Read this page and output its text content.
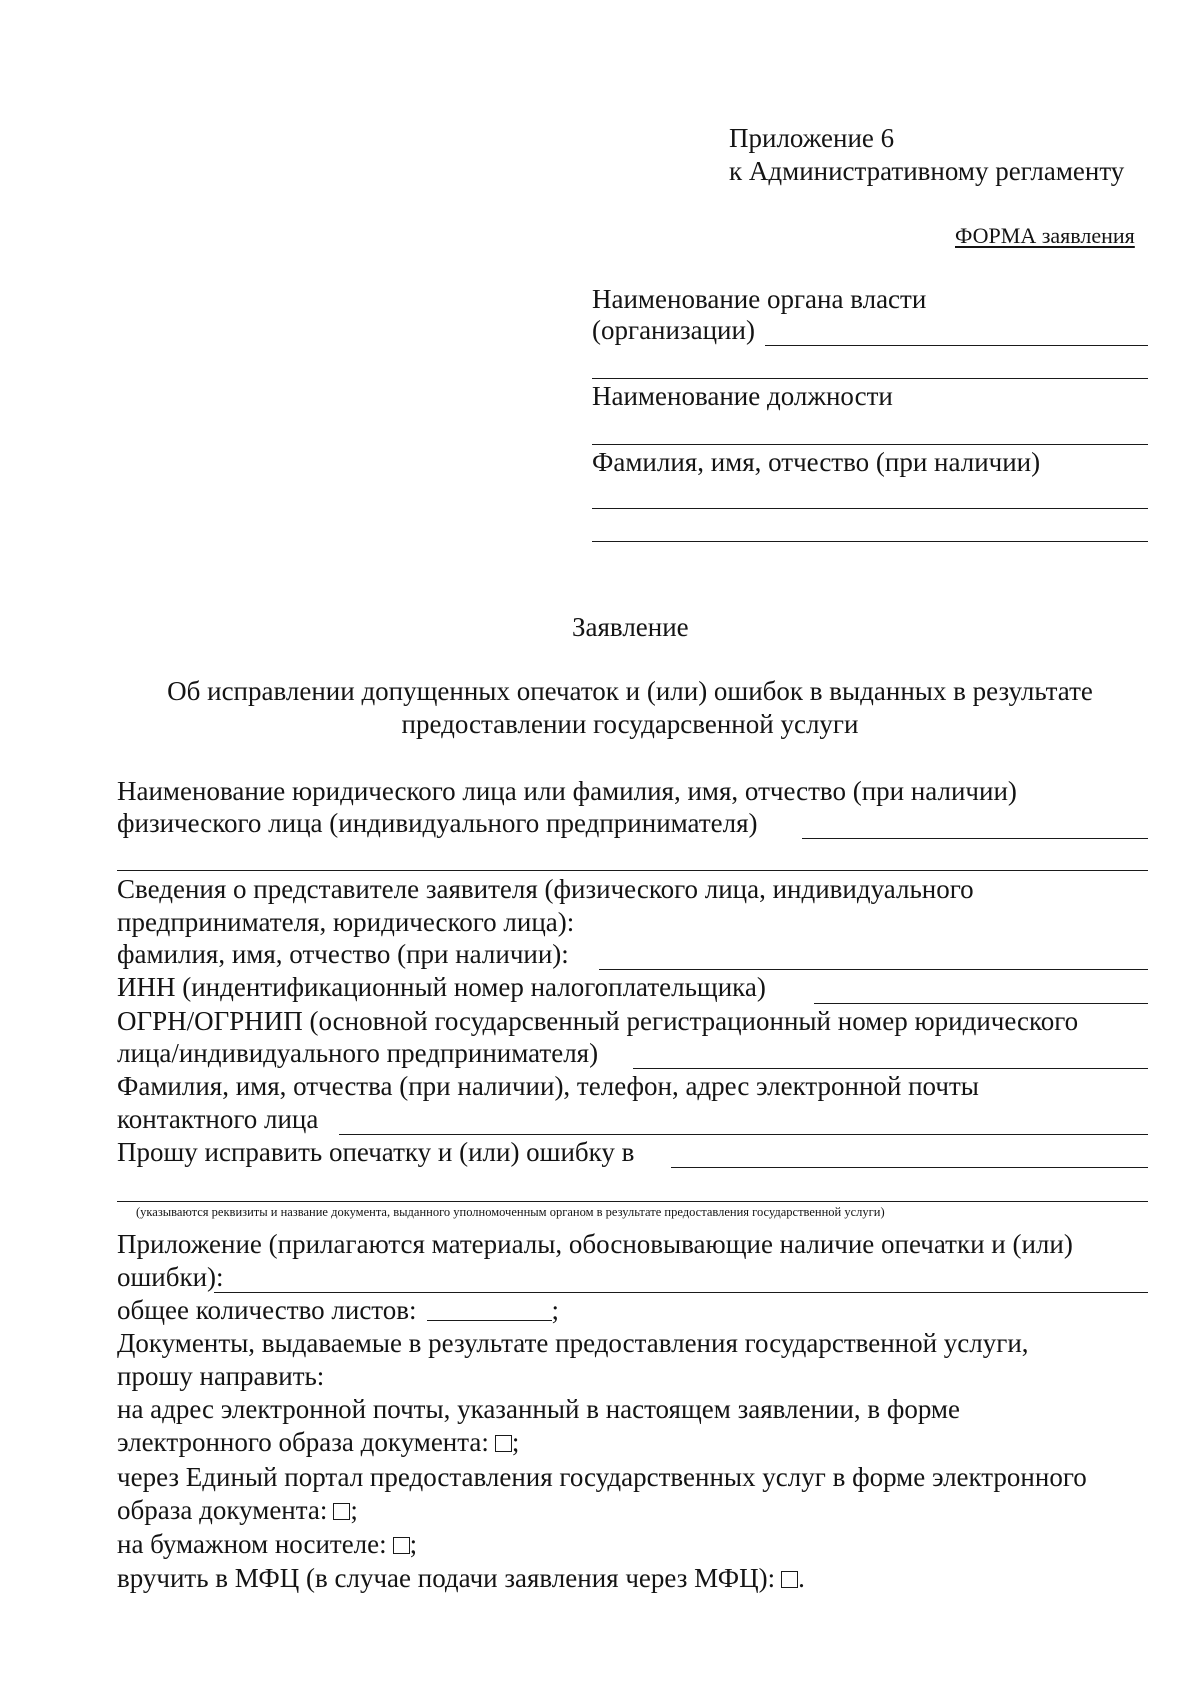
Приложение 6
к Административному регламенту
ФОРМА заявления
Наименование органа власти
(организации)
Наименование должности
Фамилия, имя, отчество (при наличии)
Заявление
Об исправлении допущенных опечаток и (или) ошибок в выданных в результате
предоставлении государсвенной услуги
Наименование юридического лица или фамилия, имя, отчество (при наличии)
физического лица (индивидуального предпринимателя)
Сведения о представителе заявителя (физического лица, индивидуального
предпринимателя, юридического лица):
фамилия, имя, отчество (при наличии):
ИНН (индентификационный номер налогоплательщика)
ОГРН/ОГРНИП (основной государсвенный регистрационный номер юридического
лица/индивидуального предпринимателя)
Фамилия, имя, отчества (при наличии), телефон, адрес электронной почты
контактного лица
Прошу исправить опечатку и (или) ошибку в
(указываются реквизиты и название документа, выданного уполномоченным органом в результате предоставления государственной услуги)
Приложение (прилагаются материалы, обосновывающие наличие опечатки и (или)
ошибки):
общее количество листов:	;
Документы, выдаваемые в результате предоставления государственной услуги,
прошу направить:
на адрес электронной почты, указанный в настоящем заявлении, в форме
электронного образа документа: ;
через Единый портал предоставления государственных услуг в форме электронного
образа документа: ;
на бумажном носителе: ;
вручить в МФЦ (в случае подачи заявления через МФЦ): .
